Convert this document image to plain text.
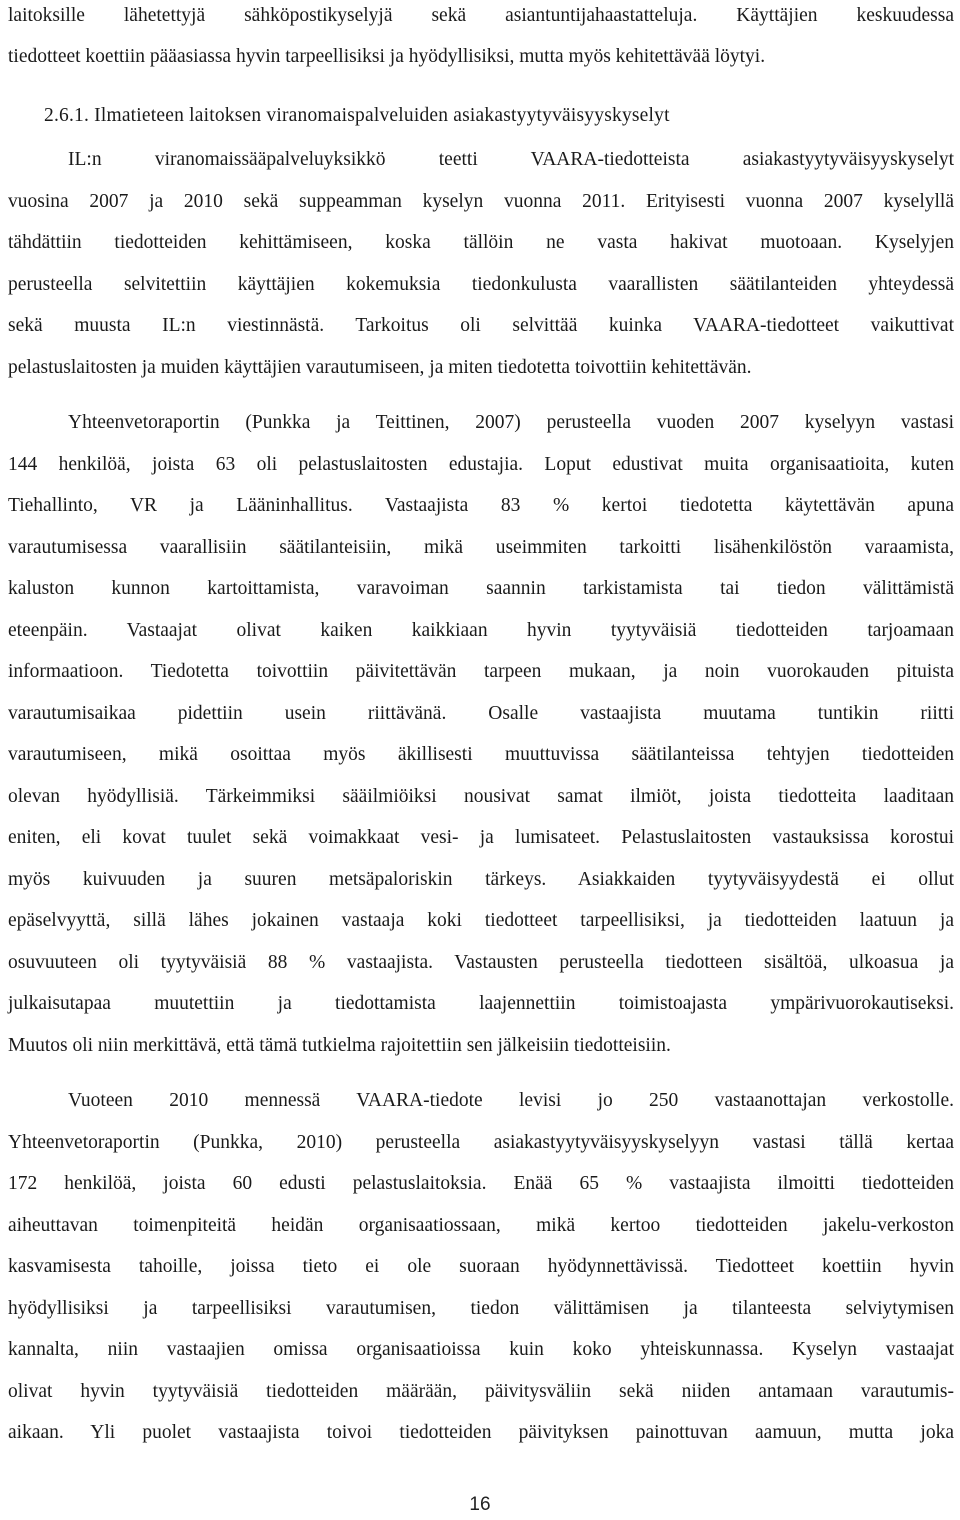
laitoksille lähetettyjä sähköpostikyselyjä sekä asiantuntijahaastatteluja. Käyttäjien keskuudessa
tiedotteet koettiin pääasiassa hyvin tarpeellisiksi ja hyödyllisiksi, mutta myös kehitettävää löytyi.
2.6.1. Ilmatieteen laitoksen viranomaispalveluiden asiakastyytyväisyyskyselyt
IL:n viranomaissääpalveluyksikkö teetti VAARA-tiedotteista asiakastyytyväisyyskyselyt
vuosina 2007 ja 2010 sekä suppeamman kyselyn vuonna 2011. Erityisesti vuonna 2007 kyselyllä
tähdättiin tiedotteiden kehittämiseen, koska tällöin ne vasta hakivat muotoaan. Kyselyjen
perusteella selvitettiin käyttäjien kokemuksia tiedonkulusta vaarallisten säätilanteiden yhteydessä
sekä muusta IL:n viestinnästä. Tarkoitus oli selvittää kuinka VAARA-tiedotteet vaikuttivat
pelastuslaitosten ja muiden käyttäjien varautumiseen, ja miten tiedotetta toivottiin kehitettävän.
Yhteenvetoraportin (Punkka ja Teittinen, 2007) perusteella vuoden 2007 kyselyyn vastasi
144 henkilöä, joista 63 oli pelastuslaitosten edustajia. Loput edustivat muita organisaatioita, kuten
Tiehallinto, VR ja Lääninhallitus. Vastaajista 83 % kertoi tiedotetta käytettävän apuna
varautumisessa vaarallisiin säätilanteisiin, mikä useimmiten tarkoitti lisähenkilöstön varaamista,
kaluston kunnon kartoittamista, varavoiman saannin tarkistamista tai tiedon välittämistä
eteenpäin. Vastaajat olivat kaiken kaikkiaan hyvin tyytyväisiä tiedotteiden tarjoamaan
informaatioon. Tiedotetta toivottiin päivitettävän tarpeen mukaan, ja noin vuorokauden pituista
varautumisaikaa pidettiin usein riittävänä. Osalle vastaajista muutama tuntikin riitti
varautumiseen, mikä osoittaa myös äkillisesti muuttuvissa säätilanteissa tehtyjen tiedotteiden
olevan hyödyllisiä. Tärkeimmiksi sääilmiöiksi nousivat samat ilmiöt, joista tiedotteita laaditaan
eniten, eli kovat tuulet sekä voimakkaat vesi- ja lumisateet. Pelastuslaitosten vastauksissa korostui
myös kuivuuden ja suuren metsäpaloriskin tärkeys. Asiakkaiden tyytyväisyydestä ei ollut
epäselvyyttä, sillä lähes jokainen vastaaja koki tiedotteet tarpeellisiksi, ja tiedotteiden laatuun ja
osuvuuteen oli tyytyväisiä 88 % vastaajista. Vastausten perusteella tiedotteen sisältöä, ulkoasua ja
julkaisutapaa muutettiin ja tiedottamista laajennettiin toimistoajasta ympärivuorokautiseksi.
Muutos oli niin merkittävä, että tämä tutkielma rajoitettiin sen jälkeisiin tiedotteisiin.
Vuoteen 2010 mennessä VAARA-tiedote levisi jo 250 vastaanottajan verkostolle.
Yhteenvetoraportin (Punkka, 2010) perusteella asiakastyytyväisyyskyselyyn vastasi tällä kertaa
172 henkilöä, joista 60 edusti pelastuslaitoksia. Enää 65 % vastaajista ilmoitti tiedotteiden
aiheuttavan toimenpiteitä heidän organisaatiossaan, mikä kertoo tiedotteiden jakelu-verkoston
kasvamisesta tahoille, joissa tieto ei ole suoraan hyödynnettävissä. Tiedotteet koettiin hyvin
hyödyllisiksi ja tarpeellisiksi varautumisen, tiedon välittämisen ja tilanteesta selviytymisen
kannalta, niin vastaajien omissa organisaatioissa kuin koko yhteiskunnassa. Kyselyn vastaajat
olivat hyvin tyytyväisiä tiedotteiden määrään, päivitysväliin sekä niiden antamaan varautumis-
aikaan. Yli puolet vastaajista toivoi tiedotteiden päivityksen painottuvan aamuun, mutta joka
16
